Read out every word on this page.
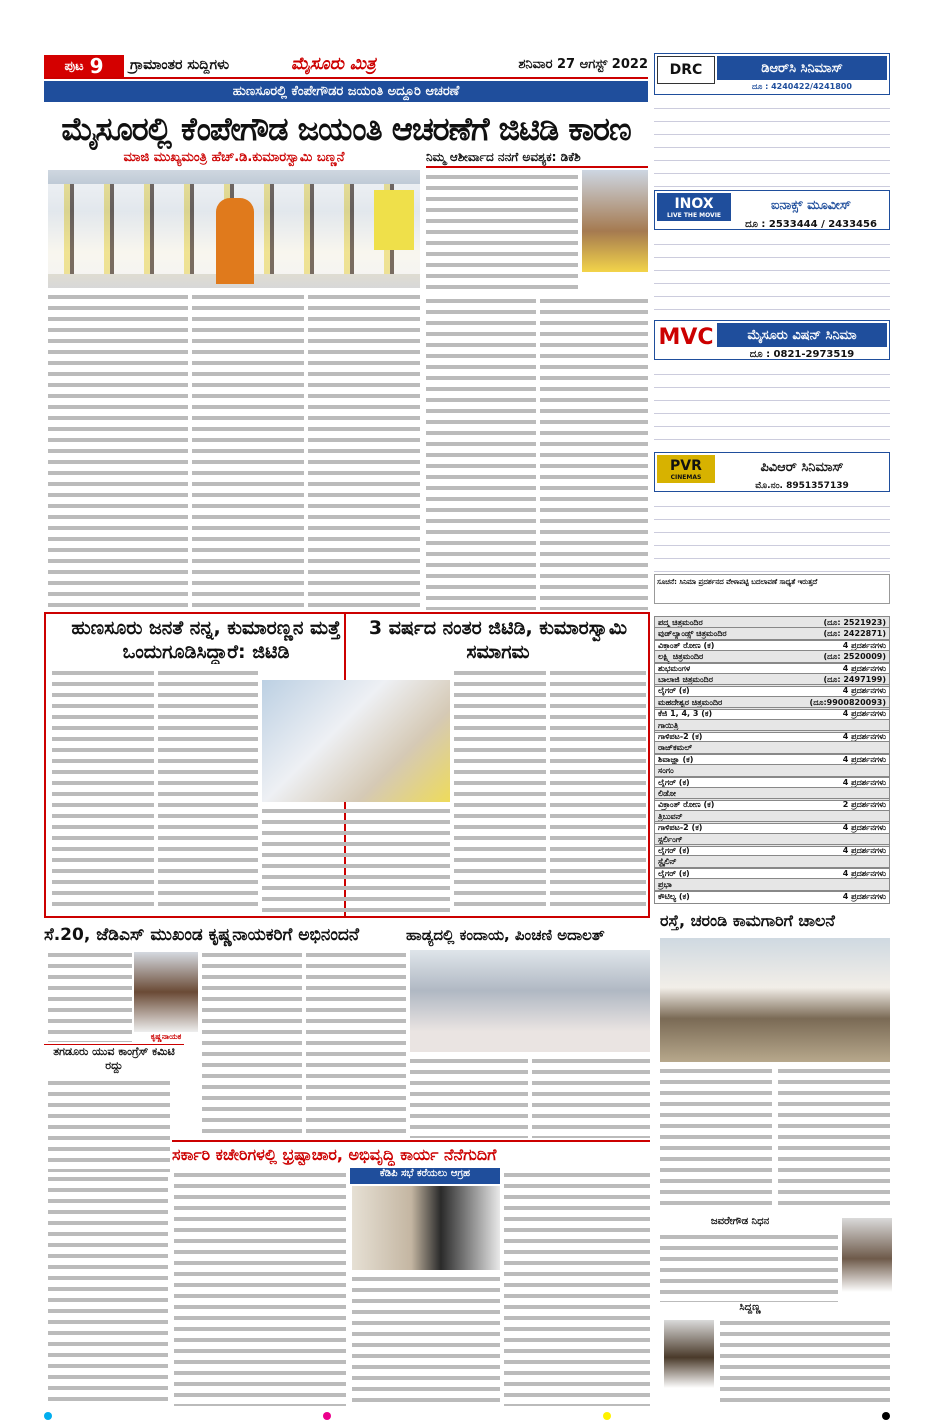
ಪುಟ 9 ಗ್ರಾಮಾಂತರ ಸುದ್ದಿಗಳು	ಮೈಸೂರು ಮಿತ್ರ	ಶನಿವಾರ 27 ಆಗಸ್ಟ್ 2022
ಹುಣಸೂರಲ್ಲಿ ಕೆಂಪೇಗೌಡರ ಜಯಂತಿ ಅದ್ದೂರಿ ಆಚರಣೆ
ಮೈಸೂರಲ್ಲಿ ಕೆಂಪೇಗೌಡ ಜಯಂತಿ ಆಚರಣೆಗೆ ಜಿಟಿಡಿ ಕಾರಣ
ಮಾಜಿ ಮುಖ್ಯಮಂತ್ರಿ ಹೆಚ್.ಡಿ.ಕುಮಾರಸ್ವಾಮಿ ಬಣ್ಣನೆ	ನಿಮ್ಮ ಆಶೀರ್ವಾದ ನನಗೆ ಅವಶ್ಯಕ: ಡಿಕೆಶಿ
ಹುಣಸೂರು ಜನತೆ ನನ್ನ, ಕುಮಾರಣ್ಣನ ಮತ್ತೆ ಒಂದುಗೂಡಿಸಿದ್ದಾರೆ: ಜಿಟಿಡಿ
3 ವರ್ಷದ ನಂತರ ಜಿಟಿಡಿ, ಕುಮಾರಸ್ವಾಮಿ ಸಮಾಗಮ
ಸೆ.20, ಜೆಡಿಎಸ್ ಮುಖಂಡ ಕೃಷ್ಣನಾಯಕರಿಗೆ ಅಭಿನಂದನೆ	ಹಾಡ್ಯದಲ್ಲಿ ಕಂದಾಯ, ಪಿಂಚಣಿ ಅದಾಲತ್
ಕೃಷ್ಣನಾಯಕ
ತಗಡೂರು ಯುವ ಕಾಂಗ್ರೆಸ್ ಕಮಿಟಿ ರದ್ದು
ಸರ್ಕಾರಿ ಕಚೇರಿಗಳಲ್ಲಿ ಭ್ರಷ್ಟಾಚಾರ, ಅಭಿವೃದ್ಧಿ ಕಾರ್ಯ ನೆನೆಗುದಿಗೆ
ಕೆಡಿಪಿ ಸಭೆ ಕರೆಯಲು ಆಗ್ರಹ
DRC	ಡಿಆರ್‌ಸಿ ಸಿನಿಮಾಸ್
ದೂ : 4240422/4241800
INOX
LIVE THE MOVIE
ಐನಾಕ್ಸ್ ಮೂವೀಸ್
ದೂ : 2533444 / 2433456
MVC	ಮೈಸೂರು ವಿಷನ್ ಸಿನಿಮಾ
ದೂ : 0821-2973519
PVR
CINEMAS
ಪಿವಿಆರ್ ಸಿನಿಮಾಸ್
ಮೊ.ನಂ. 8951357139
ಸೂಚನೆ: ಸಿನಿಮಾ ಪ್ರದರ್ಶನದ ವೇಳಾಪಟ್ಟಿ ಬದಲಾವಣೆ ಸಾಧ್ಯತೆ ಇರುತ್ತದೆ
ಪದ್ಮ ಚಿತ್ರಮಂದಿರ	(ದೂ: 2521923)
ವುಡ್‌ಲ್ಯಾಂಡ್ಸ್ ಚಿತ್ರಮಂದಿರ	(ದೂ: 2422871)
ವಿಕ್ರಾಂತ್ ರೋಣ (ಕ)	4 ಪ್ರದರ್ಶನಗಳು
ಲಕ್ಷ್ಮಿ ಚಿತ್ರಮಂದಿರ	(ದೂ: 2520009)
ಶುಭಮಂಗಳ	4 ಪ್ರದರ್ಶನಗಳು
ಬಾಲಾಜಿ ಚಿತ್ರಮಂದಿರ	(ದೂ: 2497199)
ಲೈಗರ್ (ಕ)	4 ಪ್ರದರ್ಶನಗಳು
ಮಹದೇಶ್ವರ ಚಿತ್ರಮಂದಿರ	(ದೂ:9900820093)
ಕೆಜಿ 1, 4, 3 (ಕ)	4 ಪ್ರದರ್ಶನಗಳು
ಗಾಯಿತ್ರಿ
ಗಾಳಿಪಟ-2 (ಕ)	4 ಪ್ರದರ್ಶನಗಳು
ರಾಜ್‌ಕಮಲ್
ಶಿವಾಜ್ಞಾ (ಕ)	4 ಪ್ರದರ್ಶನಗಳು
ಸಂಗಂ
ಲೈಗರ್ (ಕ)	4 ಪ್ರದರ್ಶನಗಳು
ಲಿಡೋ
ವಿಕ್ರಾಂತ್ ರೋಣ (ಕ)	2 ಪ್ರದರ್ಶನಗಳು
ತ್ರಿಬುವನ್
ಗಾಳಿಪಟ-2 (ಕ)	4 ಪ್ರದರ್ಶನಗಳು
ಸ್ಟರ್ಲಿಂಗ್
ಲೈಗರ್ (ಕ)	4 ಪ್ರದರ್ಶನಗಳು
ಸ್ಟೈಲಿನ್
ಲೈಗರ್ (ಕ)	4 ಪ್ರದರ್ಶನಗಳು
ಪ್ರಭಾ
ಕೌಟಿಲ್ಯ (ಕ)	4 ಪ್ರದರ್ಶನಗಳು
ರಸ್ತೆ, ಚರಂಡಿ ಕಾಮಗಾರಿಗೆ ಚಾಲನೆ
ಜವರೇಗೌಡ ನಿಧನ
ಸಿದ್ದಣ್ಣ
